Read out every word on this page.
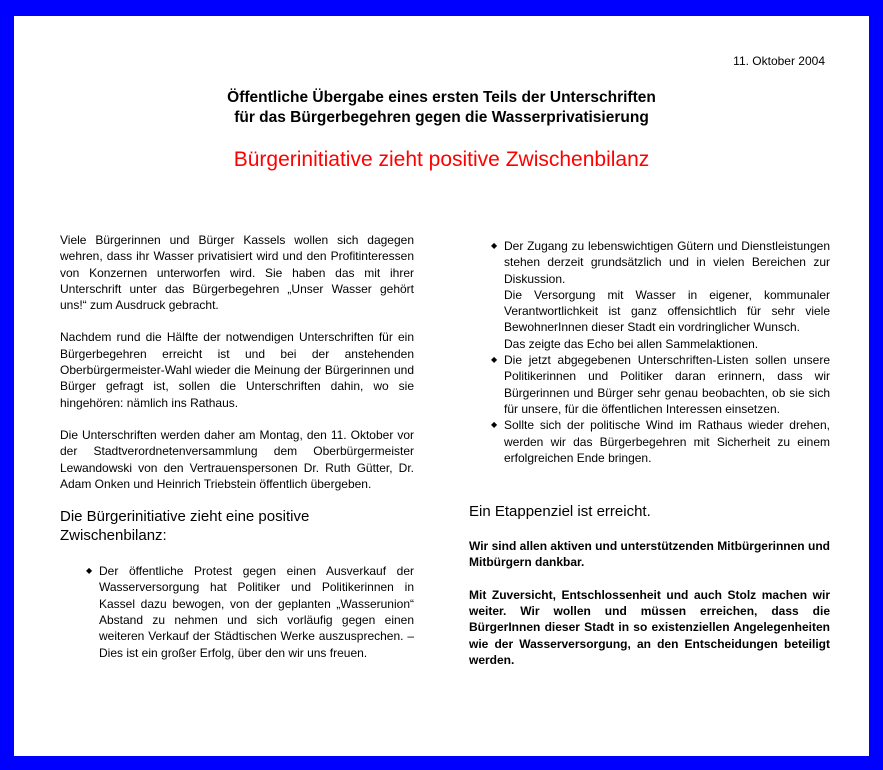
11. Oktober 2004
Öffentliche Übergabe eines ersten Teils der Unterschriften
für das Bürgerbegehren gegen die Wasserprivatisierung
Bürgerinitiative zieht positive Zwischenbilanz

Viele Bürgerinnen und Bürger Kassels wollen sich dagegen wehren, dass ihr Wasser privatisiert wird und den Profitinteressen von Konzernen unterworfen wird. Sie haben das mit ihrer Unterschrift unter das Bürgerbegehren „Unser Wasser gehört uns!“ zum Ausdruck gebracht.

Nachdem rund die Hälfte der notwendigen Unterschriften für ein Bürgerbegehren erreicht ist und bei der anstehenden Oberbürgermeister-Wahl wieder die Meinung der Bürgerinnen und Bürger gefragt ist, sollen die Unterschriften dahin, wo sie hingehören: nämlich ins Rathaus.

Die Unterschriften werden daher am Montag, den 11. Oktober vor der Stadtverordnetenversammlung dem Oberbürgermeister Lewandowski von den Vertrauenspersonen Dr. Ruth Gütter, Dr. Adam Onken und Heinrich Triebstein öffentlich übergeben.

Die Bürgerinitiative zieht eine positive Zwischenbilanz:
◆ Der öffentliche Protest gegen einen Ausverkauf der Wasserversorgung hat Politiker und Politikerinnen in Kassel dazu bewogen, von der geplanten „Wasserunion“ Abstand zu nehmen und sich vorläufig gegen einen weiteren Verkauf der Städtischen Werke auszusprechen. – Dies ist ein großer Erfolg, über den wir uns freuen.
◆ Der Zugang zu lebenswichtigen Gütern und Dienstleistungen stehen derzeit grundsätzlich und in vielen Bereichen zur Diskussion.
Die Versorgung mit Wasser in eigener, kommunaler Verantwortlichkeit ist ganz offensichtlich für sehr viele BewohnerInnen dieser Stadt ein vordringlicher Wunsch.
Das zeigte das Echo bei allen Sammelaktionen.
◆ Die jetzt abgegebenen Unterschriften-Listen sollen unsere Politikerinnen und Politiker daran erinnern, dass wir Bürgerinnen und Bürger sehr genau beobachten, ob sie sich für unsere, für die öffentlichen Interessen einsetzen.
◆ Sollte sich der politische Wind im Rathaus wieder drehen, werden wir das Bürgerbegehren mit Sicherheit zu einem erfolgreichen Ende bringen.
Ein Etappenziel ist erreicht.

Wir sind allen aktiven und unterstützenden Mitbürgerinnen und Mitbürgern dankbar.

Mit Zuversicht, Entschlossenheit und auch Stolz machen wir weiter. Wir wollen und müssen erreichen, dass die BürgerInnen dieser Stadt in so existenziellen Angelegenheiten wie der Wasserversorgung, an den Entscheidungen beteiligt werden.
